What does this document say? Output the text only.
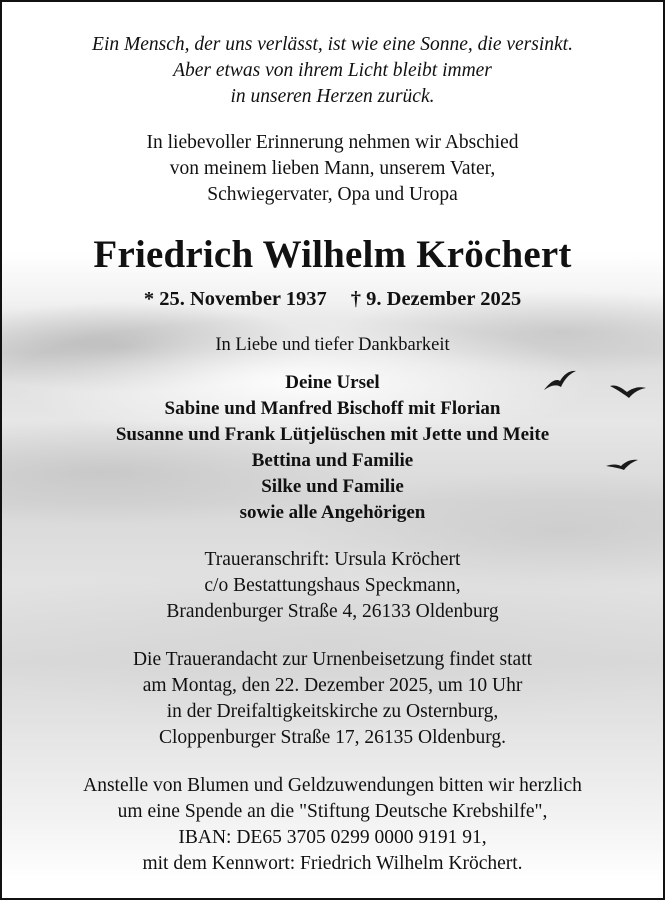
Ein Mensch, der uns verlässt, ist wie eine Sonne, die versinkt.
Aber etwas von ihrem Licht bleibt immer
in unseren Herzen zurück.
In liebevoller Erinnerung nehmen wir Abschied
von meinem lieben Mann, unserem Vater,
Schwiegervater, Opa und Uropa
Friedrich Wilhelm Kröchert
* 25. November 1937 † 9. Dezember 2025
In Liebe und tiefer Dankbarkeit
Deine Ursel
Sabine und Manfred Bischoff mit Florian
Susanne und Frank Lütjelüschen mit Jette und Meite
Bettina und Familie
Silke und Familie
sowie alle Angehörigen
Traueranschrift: Ursula Kröchert
c/o Bestattungshaus Speckmann,
Brandenburger Straße 4, 26133 Oldenburg
Die Trauerandacht zur Urnenbeisetzung findet statt
am Montag, den 22. Dezember 2025, um 10 Uhr
in der Dreifaltigkeitskirche zu Osternburg,
Cloppenburger Straße 17, 26135 Oldenburg.
Anstelle von Blumen und Geldzuwendungen bitten wir herzlich
um eine Spende an die "Stiftung Deutsche Krebshilfe",
IBAN: DE65 3705 0299 0000 9191 91,
mit dem Kennwort: Friedrich Wilhelm Kröchert.
